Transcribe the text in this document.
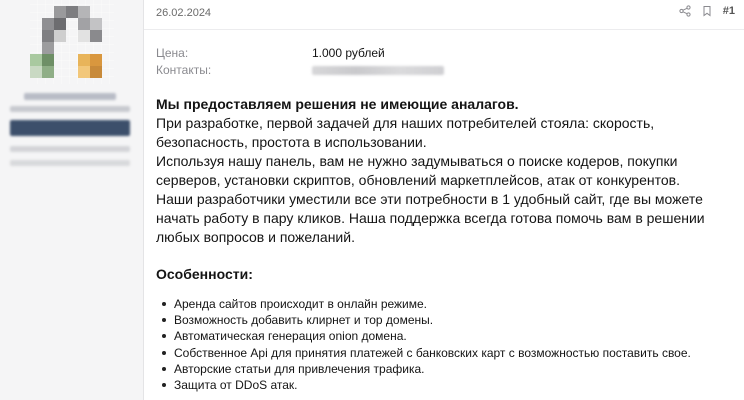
26.02.2024	#1
Цена:	1.000 рублей
Контакты:

Мы предоставляем решения не имеющие аналагов.

При разработке, первой задачей для наших потребителей стояла: скорость, безопасность, простота в использовании.

Используя нашу панель, вам не нужно задумываться о поиске кодеров, покупки серверов, установки скриптов, обновлений маркетплейсов, атак от конкурентов.

Наши разработчики уместили все эти потребности в 1 удобный сайт, где вы можете начать работу в пару кликов. Наша поддержка всегда готова помочь вам в решении любых вопросов и пожеланий.

Особенности:
Аренда сайтов происходит в онлайн режиме.
Возможность добавить клирнет и тор домены.
Автоматическая генерация onion домена.
Собственное Api для принятия платежей с банковских карт с возможностью поставить свое.
Авторские статьи для привлечения трафика.
Защита от DDoS атак.
